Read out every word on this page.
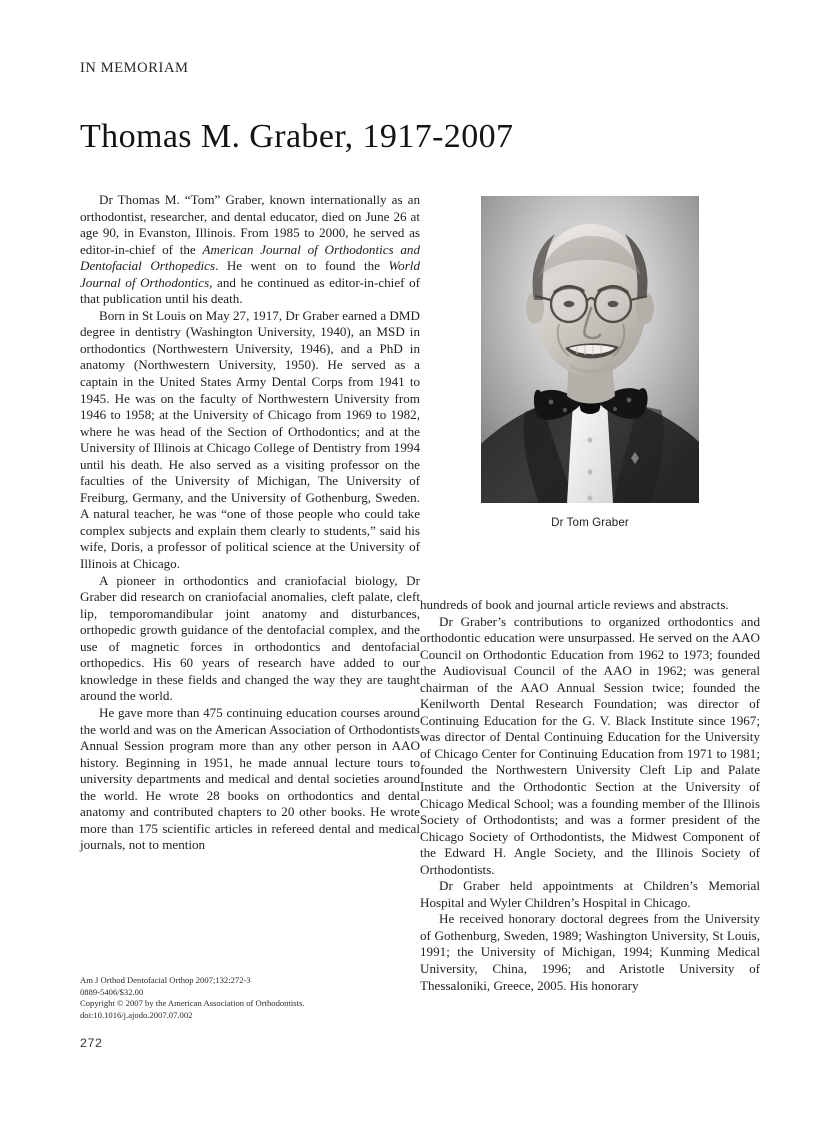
IN MEMORIAM
Thomas M. Graber, 1917-2007

Dr Thomas M. “Tom” Graber, known internationally as an orthodontist, researcher, and dental educator, died on June 26 at age 90, in Evanston, Illinois. From 1985 to 2000, he served as editor-in-chief of the American Journal of Orthodontics and Dentofacial Orthopedics. He went on to found the World Journal of Orthodontics, and he continued as editor-in-chief of that publication until his death.

Born in St Louis on May 27, 1917, Dr Graber earned a DMD degree in dentistry (Washington University, 1940), an MSD in orthodontics (Northwestern University, 1946), and a PhD in anatomy (Northwestern University, 1950). He served as a captain in the United States Army Dental Corps from 1941 to 1945. He was on the faculty of Northwestern University from 1946 to 1958; at the University of Chicago from 1969 to 1982, where he was head of the Section of Orthodontics; and at the University of Illinois at Chicago College of Dentistry from 1994 until his death. He also served as a visiting professor on the faculties of the University of Michigan, The University of Freiburg, Germany, and the University of Gothenburg, Sweden. A natural teacher, he was “one of those people who could take complex subjects and explain them clearly to students,” said his wife, Doris, a professor of political science at the University of Illinois at Chicago.

A pioneer in orthodontics and craniofacial biology, Dr Graber did research on craniofacial anomalies, cleft palate, cleft lip, temporomandibular joint anatomy and disturbances, orthopedic growth guidance of the dentofacial complex, and the use of magnetic forces in orthodontics and dentofacial orthopedics. His 60 years of research have added to our knowledge in these fields and changed the way they are taught around the world.

He gave more than 475 continuing education courses around the world and was on the American Association of Orthodontists Annual Session program more than any other person in AAO history. Beginning in 1951, he made annual lecture tours to university departments and medical and dental societies around the world. He wrote 28 books on orthodontics and dental anatomy and contributed chapters to 20 other books. He wrote more than 175 scientific articles in refereed dental and medical journals, not to mention

Dr Tom Graber

hundreds of book and journal article reviews and abstracts.

Dr Graber’s contributions to organized orthodontics and orthodontic education were unsurpassed. He served on the AAO Council on Orthodontic Education from 1962 to 1973; founded the Audiovisual Council of the AAO in 1962; was general chairman of the AAO Annual Session twice; founded the Kenilworth Dental Research Foundation; was director of Continuing Education for the G. V. Black Institute since 1967; was director of Dental Continuing Education for the University of Chicago Center for Continuing Education from 1971 to 1981; founded the Northwestern University Cleft Lip and Palate Institute and the Orthodontic Section at the University of Chicago Medical School; was a founding member of the Illinois Society of Orthodontists; and was a former president of the Chicago Society of Orthodontists, the Midwest Component of the Edward H. Angle Society, and the Illinois Society of Orthodontists.

Dr Graber held appointments at Children’s Memorial Hospital and Wyler Children’s Hospital in Chicago.

He received honorary doctoral degrees from the University of Gothenburg, Sweden, 1989; Washington University, St Louis, 1991; the University of Michigan, 1994; Kunming Medical University, China, 1996; and Aristotle University of Thessaloniki, Greece, 2005. His honorary

Am J Orthod Dentofacial Orthop 2007;132:272-3
0889-5406/$32.00
Copyright © 2007 by the American Association of Orthodontists.
doi:10.1016/j.ajodo.2007.07.002
272
